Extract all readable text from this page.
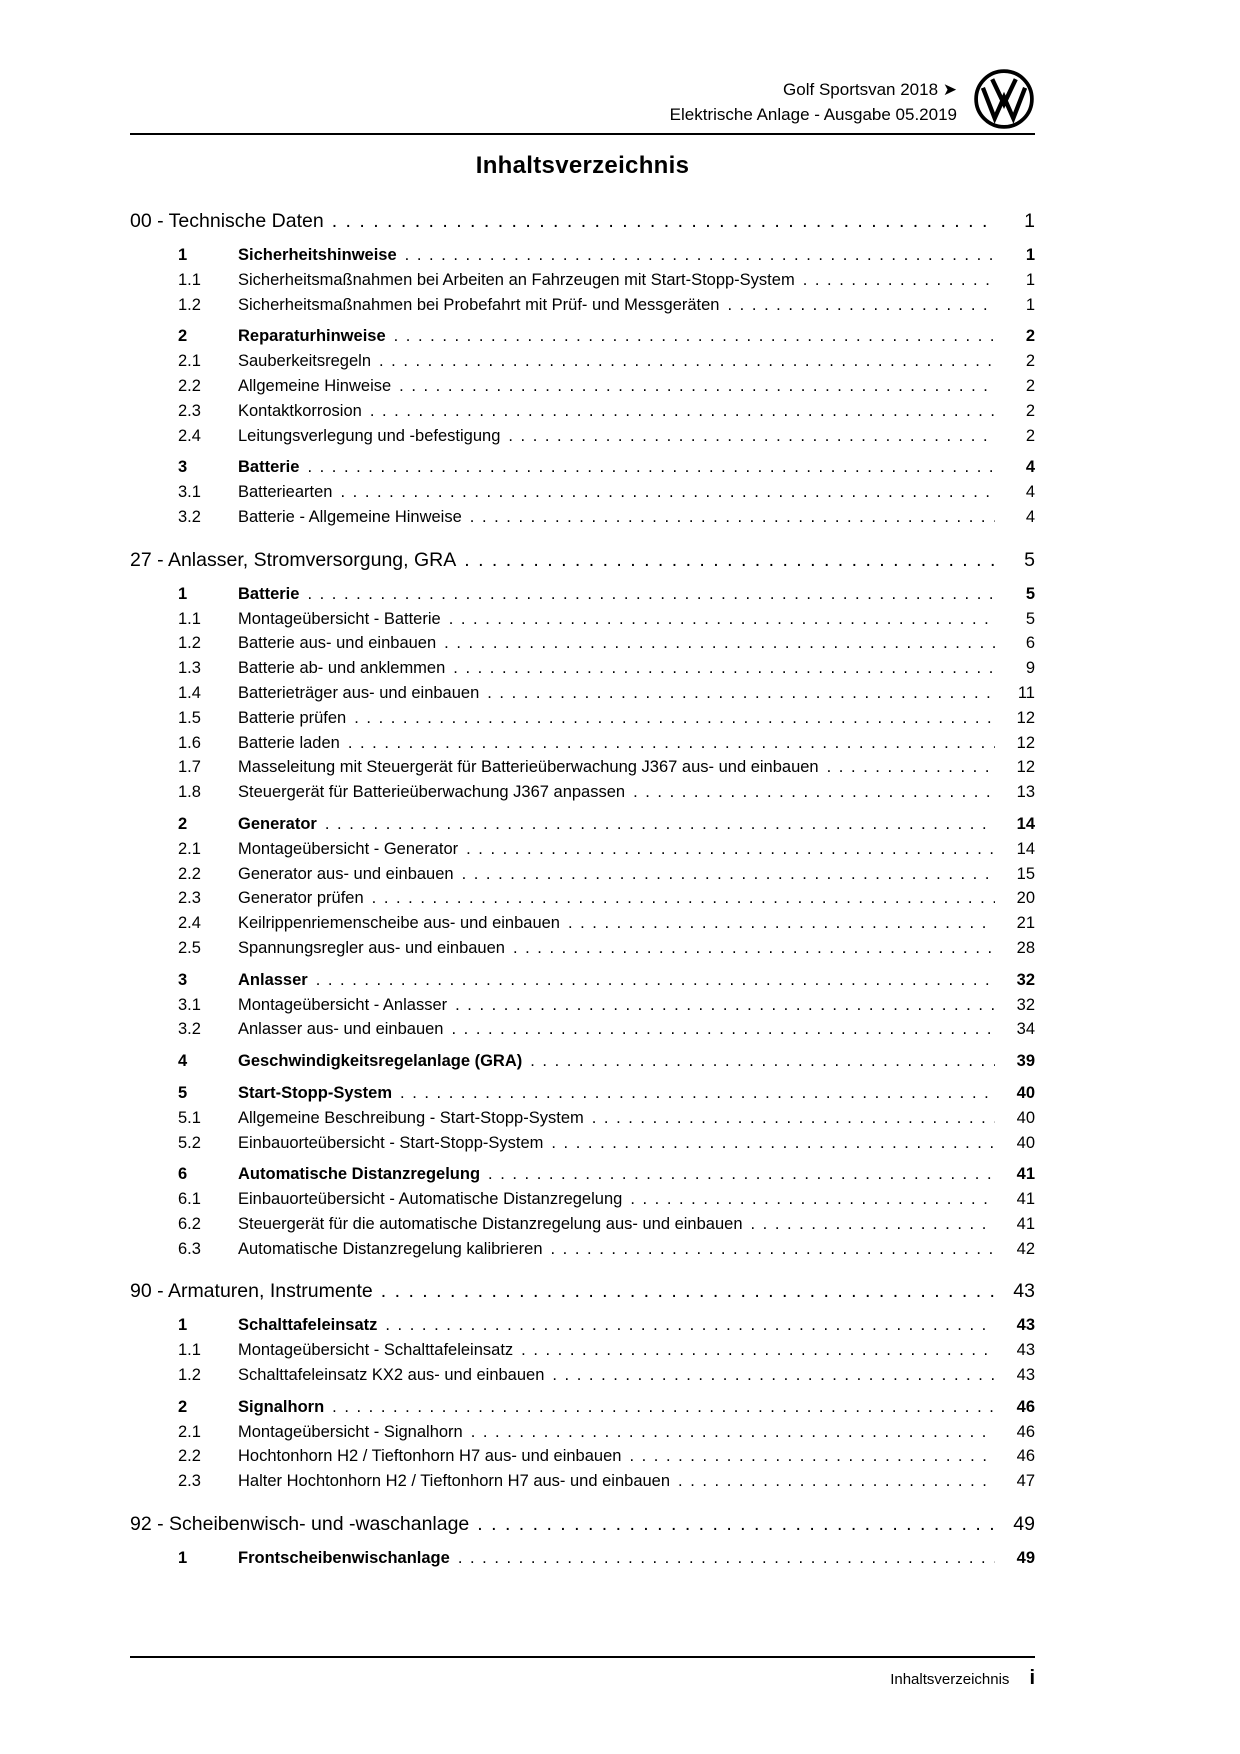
Golf Sportsvan 2018 ➤
Elektrische Anlage - Ausgabe 05.2019
Inhaltsverzeichnis
00 - Technische Daten . . .	1
1	Sicherheitshinweise . . .	1
1.1	Sicherheitsmaßnahmen bei Arbeiten an Fahrzeugen mit Start-Stopp-System . . .	1
1.2	Sicherheitsmaßnahmen bei Probefahrt mit Prüf- und Messgeräten . . .	1
2	Reparaturhinweise . . .	2
2.1	Sauberkeitsregeln . . .	2
2.2	Allgemeine Hinweise . . .	2
2.3	Kontaktkorrosion . . .	2
2.4	Leitungsverlegung und -befestigung . . .	2
3	Batterie . . .	4
3.1	Batteriearten . . .	4
3.2	Batterie - Allgemeine Hinweise . . .	4
27 - Anlasser, Stromversorgung, GRA . . .	5
1	Batterie . . .	5
1.1	Montageübersicht - Batterie . . .	5
1.2	Batterie aus- und einbauen . . .	6
1.3	Batterie ab- und anklemmen . . .	9
1.4	Batterieträger aus- und einbauen . . .	11
1.5	Batterie prüfen . . .	12
1.6	Batterie laden . . .	12
1.7	Masseleitung mit Steuergerät für Batterieüberwachung J367 aus- und einbauen . . .	12
1.8	Steuergerät für Batterieüberwachung J367 anpassen . . .	13
2	Generator . . .	14
2.1	Montageübersicht - Generator . . .	14
2.2	Generator aus- und einbauen . . .	15
2.3	Generator prüfen . . .	20
2.4	Keilrippenriemenscheibe aus- und einbauen . . .	21
2.5	Spannungsregler aus- und einbauen . . .	28
3	Anlasser . . .	32
3.1	Montageübersicht - Anlasser . . .	32
3.2	Anlasser aus- und einbauen . . .	34
4	Geschwindigkeitsregelanlage (GRA) . . .	39
5	Start-Stopp-System . . .	40
5.1	Allgemeine Beschreibung - Start-Stopp-System . . .	40
5.2	Einbauorteübersicht - Start-Stopp-System . . .	40
6	Automatische Distanzregelung . . .	41
6.1	Einbauorteübersicht - Automatische Distanzregelung . . .	41
6.2	Steuergerät für die automatische Distanzregelung aus- und einbauen . . .	41
6.3	Automatische Distanzregelung kalibrieren . . .	42
90 - Armaturen, Instrumente . . .	43
1	Schalttafeleinsatz . . .	43
1.1	Montageübersicht - Schalttafeleinsatz . . .	43
1.2	Schalttafeleinsatz KX2 aus- und einbauen . . .	43
2	Signalhorn . . .	46
2.1	Montageübersicht - Signalhorn . . .	46
2.2	Hochtonhorn H2 / Tieftonhorn H7 aus- und einbauen . . .	46
2.3	Halter Hochtonhorn H2 / Tieftonhorn H7 aus- und einbauen . . .	47
92 - Scheibenwisch- und -waschanlage . . .	49
1	Frontscheibenwischanlage . . .	49
Inhaltsverzeichnis i
